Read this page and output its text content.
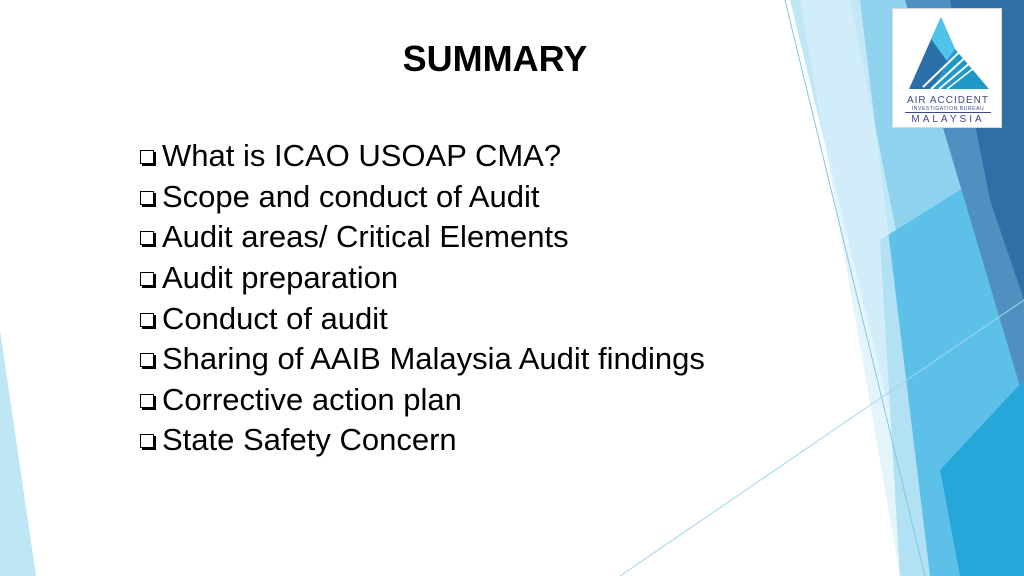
SUMMARY
What is ICAO USOAP CMA?
Scope and conduct of Audit
Audit areas/ Critical Elements
Audit preparation
Conduct of audit
Sharing of AAIB Malaysia Audit findings
Corrective action plan
State Safety Concern
AIR ACCIDENT
INVESTIGATION BUREAU
MALAYSIA
